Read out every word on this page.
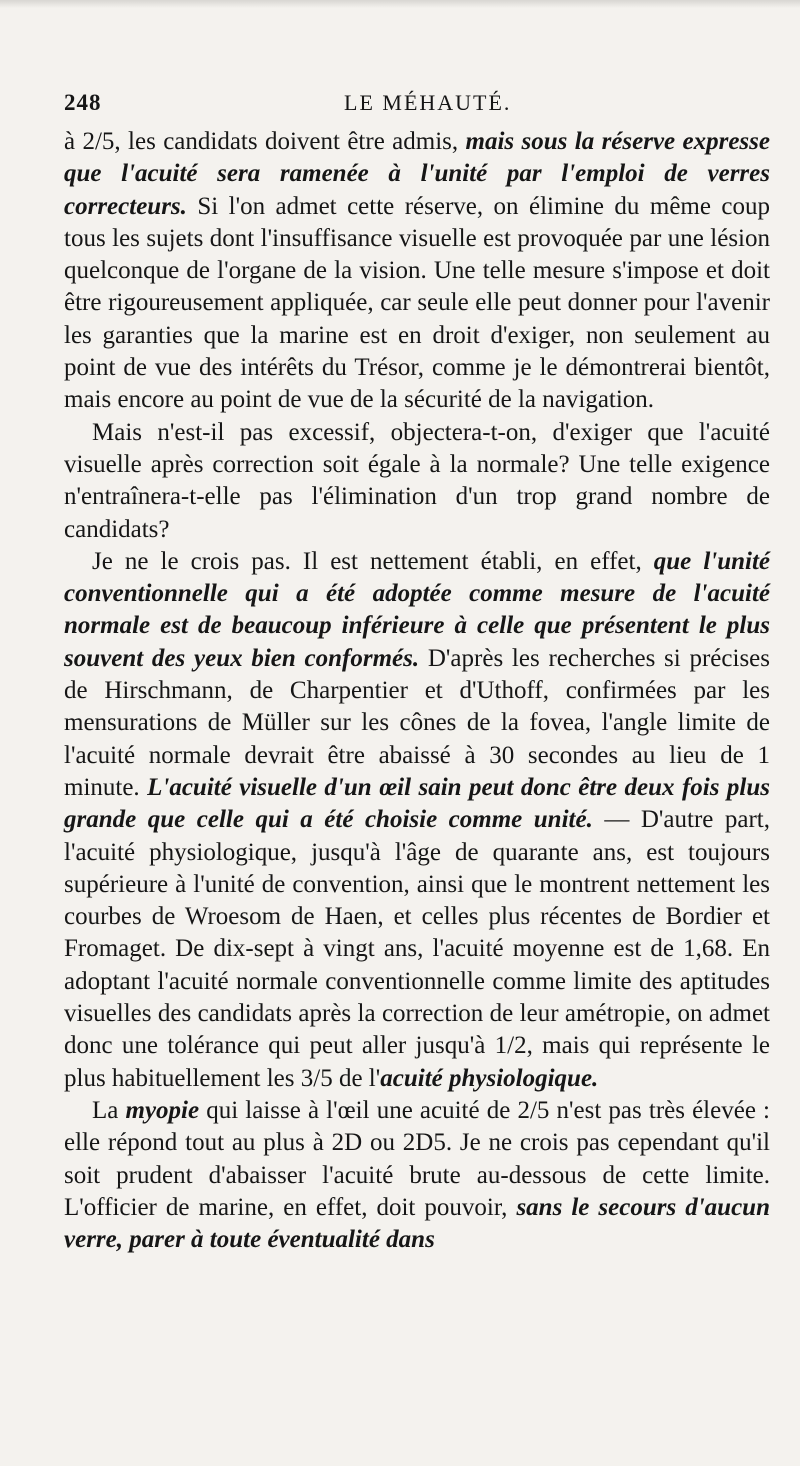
248	LE MÉHAUTÉ.

à 2/5, les candidats doivent être admis, mais sous la réserve expresse que l'acuité sera ramenée à l'unité par l'emploi de verres correcteurs. Si l'on admet cette réserve, on élimine du même coup tous les sujets dont l'insuffisance visuelle est provoquée par une lésion quelconque de l'organe de la vision. Une telle mesure s'impose et doit être rigoureusement appliquée, car seule elle peut donner pour l'avenir les garanties que la marine est en droit d'exiger, non seulement au point de vue des intérêts du Trésor, comme je le démontrerai bientôt, mais encore au point de vue de la sécurité de la navigation.

Mais n'est-il pas excessif, objectera-t-on, d'exiger que l'acuité visuelle après correction soit égale à la normale? Une telle exigence n'entraînera-t-elle pas l'élimination d'un trop grand nombre de candidats?

Je ne le crois pas. Il est nettement établi, en effet, que l'unité conventionnelle qui a été adoptée comme mesure de l'acuité normale est de beaucoup inférieure à celle que présentent le plus souvent des yeux bien conformés. D'après les recherches si précises de Hirschmann, de Charpentier et d'Uthoff, confirmées par les mensurations de Müller sur les cônes de la fovea, l'angle limite de l'acuité normale devrait être abaissé à 30 secondes au lieu de 1 minute. L'acuité visuelle d'un œil sain peut donc être deux fois plus grande que celle qui a été choisie comme unité. — D'autre part, l'acuité physiologique, jusqu'à l'âge de quarante ans, est toujours supérieure à l'unité de convention, ainsi que le montrent nettement les courbes de Wroesom de Haen, et celles plus récentes de Bordier et Fromaget. De dix-sept à vingt ans, l'acuité moyenne est de 1,68. En adoptant l'acuité normale conventionnelle comme limite des aptitudes visuelles des candidats après la correction de leur amétropie, on admet donc une tolérance qui peut aller jusqu'à 1/2, mais qui représente le plus habituellement les 3/5 de l'acuité physiologique.

La myopie qui laisse à l'œil une acuité de 2/5 n'est pas très élevée : elle répond tout au plus à 2D ou 2D5. Je ne crois pas cependant qu'il soit prudent d'abaisser l'acuité brute au-dessous de cette limite. L'officier de marine, en effet, doit pouvoir, sans le secours d'aucun verre, parer à toute éventualité dans
